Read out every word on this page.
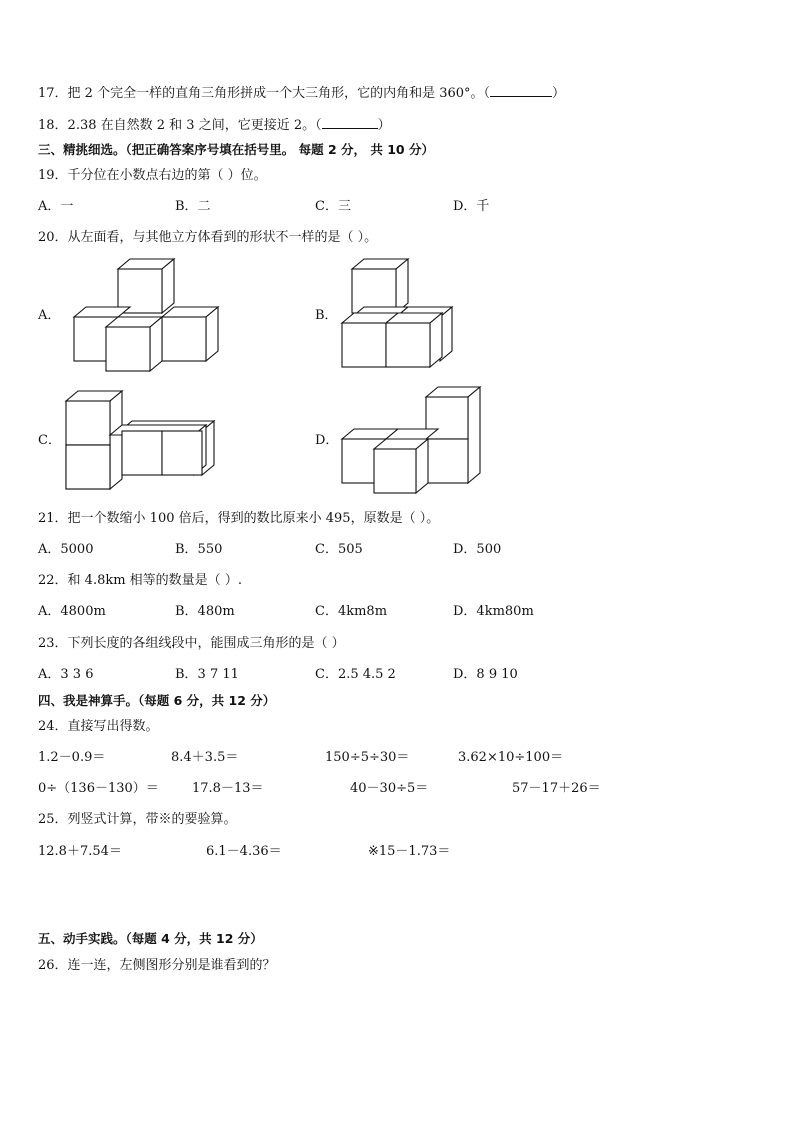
17．把 2 个完全一样的直角三角形拼成一个大三角形，它的内角和是 360°。（	）
18．2.38 在自然数 2 和 3 之间，它更接近 2。（	）
三、精挑细选。（把正确答案序号填在括号里。 每题 2 分， 共 10 分）
19．千分位在小数点右边的第（ ）位。
A．一	B．二	C．三	D．千
20．从左面看，与其他立方体看到的形状不一样的是（ ）。
A．	B．
C．	D．
21．把一个数缩小 100 倍后，得到的数比原来小 495，原数是（ ）。
A．5000	B．550	C．505	D．500
22．和 4.8km 相等的数量是（ ）.
A．4800m	B．480m	C．4km8m	D．4km80m
23．下列长度的各组线段中，能围成三角形的是（ ）
A．3 3 6	B．3 7 11	C．2.5 4.5 2	D．8 9 10
四、我是神算手。（每题 6 分，共 12 分）
24．直接写出得数。
1.2－0.9＝	8.4＋3.5＝	150÷5÷30＝	3.62×10÷100＝
0÷（136－130）＝	17.8－13＝	40－30÷5＝	57－17＋26＝
25．列竖式计算，带※的要验算。
12.8＋7.54＝	6.1－4.36＝	※15－1.73＝
五、动手实践。（每题 4 分，共 12 分）
26．连一连，左侧图形分别是谁看到的？
